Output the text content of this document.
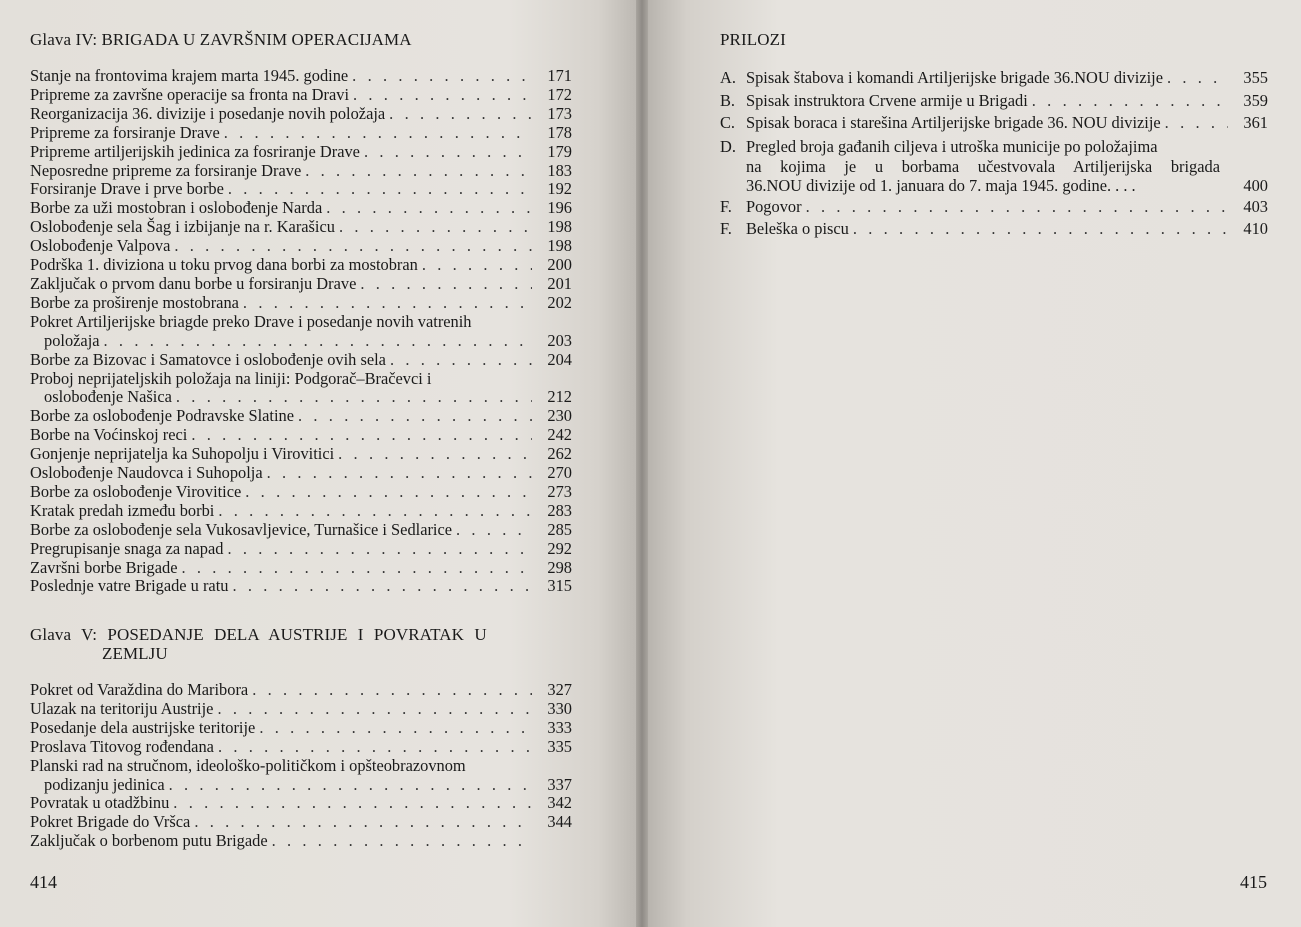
Glava IV: BRIGADA U ZAVRŠNIM OPERACIJAMA
Stanje na frontovima krajem marta 1945. godine . . .	171
Pripreme za završne operacije sa fronta na Dravi . . .	172
Reorganizacija 36. divizije i posedanje novih položaja . . .	173
Pripreme za forsiranje Drave . . .	178
Pripreme artiljerijskih jedinica za fosriranje Drave . . .	179
Neposredne pripreme za forsiranje Drave . . .	183
Forsiranje Drave i prve borbe . . .	192
Borbe za uži mostobran i oslobođenje Narda . . .	196
Oslobođenje sela Šag i izbijanje na r. Karašicu . . .	198
Oslobođenje Valpova . . .	198
Podrška 1. diviziona u toku prvog dana borbi za mostobran . . .	200
Zaključak o prvom danu borbe u forsiranju Drave . . .	201
Borbe za proširenje mostobrana . . .	202
Pokret Artiljerijske briagde preko Drave i posedanje novih vatrenih
položaja . . .	203
Borbe za Bizovac i Samatovce i oslobođenje ovih sela . . .	204
Proboj neprijateljskih položaja na liniji: Podgorač–Bračevci i
oslobođenje Našica . . .	212
Borbe za oslobođenje Podravske Slatine . . .	230
Borbe na Voćinskoj reci . . .	242
Gonjenje neprijatelja ka Suhopolju i Virovitici . . .	262
Oslobođenje Naudovca i Suhopolja . . .	270
Borbe za oslobođenje Virovitice . . .	273
Kratak predah između borbi . . .	283
Borbe za oslobođenje sela Vukosavljevice, Turnašice i Sedlarice . . .	285
Pregrupisanje snaga za napad . . .	292
Završni borbe Brigade . . .	298
Poslednje vatre Brigade u ratu . . .	315
Glava V: POSEDANJE DELA AUSTRIJE I POVRATAK U
ZEMLJU
Pokret od Varaždina do Maribora . . .	327
Ulazak na teritoriju Austrije . . .	330
Posedanje dela austrijske teritorije . . .	333
Proslava Titovog rođendana . . .	335
Planski rad na stručnom, ideološko-političkom i opšteobrazovnom
podizanju jedinica . . .	337
Povratak u otadžbinu . . .	342
Pokret Brigade do Vršca . . .	344
Zaključak o borbenom putu Brigade
. . .
414
PRILOZI
A. Spisak štabova i komandi Artiljerijske brigade 36.NOU divizije . . .	355
B. Spisak instruktora Crvene armije u Brigadi . . .	359
C. Spisak boraca i starešina Artiljerijske brigade 36. NOU divizije . . .	361
D. Pregled broja gađanih ciljeva i utroška municije po položajima
na kojima je u borbama učestvovala Artiljerijska brigada
36.NOU divizije od 1. januara do 7. maja 1945. godine. . . .	400
F. Pogovor . . .	403
F. Beleška o piscu . . .	410
415
